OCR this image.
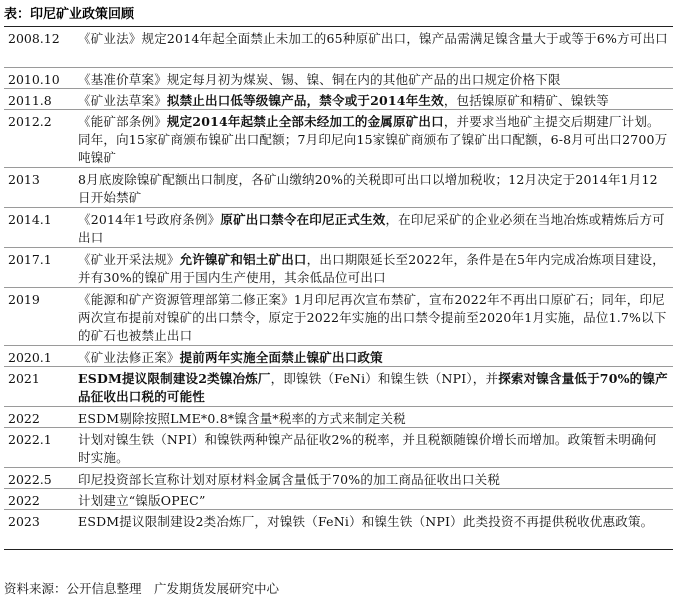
表：印尼矿业政策回顾
2008.12	《矿业法》规定2014年起全面禁止未加工的65种原矿出口，镍产品需满足镍含量大于或等于6%方可出口
2010.10	《基准价草案》规定每月初为煤炭、锡、镍、铜在内的其他矿产品的出口规定价格下限
2011.8	《矿业法草案》拟禁止出口低等级镍产品，禁令或于2014年生效，包括镍原矿和精矿、镍铁等
2012.2	《能矿部条例》规定2014年起禁止全部未经加工的金属原矿出口，并要求当地矿主提交后期建厂计划。同年，向15家矿商颁布镍矿出口配额；7月印尼向15家镍矿商颁布了镍矿出口配额，6-8月可出口2700万吨镍矿
2013	8月底废除镍矿配额出口制度，各矿山缴纳20%的关税即可出口以增加税收；12月决定于2014年1月12日开始禁矿
2014.1	《2014年1号政府条例》原矿出口禁令在印尼正式生效，在印尼采矿的企业必须在当地冶炼或精炼后方可出口
2017.1	《矿业开采法规》允许镍矿和铝土矿出口，出口期限延长至2022年，条件是在5年内完成冶炼项目建设，并有30%的镍矿用于国内生产使用，其余低品位可出口
2019	《能源和矿产资源管理部第二修正案》1月印尼再次宣布禁矿，宣布2022年不再出口原矿石；同年，印尼两次宣布提前对镍矿的出口禁令，原定于2022年实施的出口禁令提前至2020年1月实施，品位1.7%以下的矿石也被禁止出口
2020.1	《矿业法修正案》提前两年实施全面禁止镍矿出口政策
2021	ESDM提议限制建设2类镍冶炼厂，即镍铁（FeNi）和镍生铁（NPI），并探索对镍含量低于70%的镍产品征收出口税的可能性
2022	ESDM剔除按照LME*0.8*镍含量*税率的方式来制定关税
2022.1	计划对镍生铁（NPI）和镍铁两种镍产品征收2%的税率，并且税额随镍价增长而增加。政策暂未明确何时实施。
2022.5	印尼投资部长宣称计划对原材料金属含量低于70%的加工商品征收出口关税
2022	计划建立“镍版OPEC”
2023	ESDM提议限制建设2类冶炼厂，对镍铁（FeNi）和镍生铁（NPI）此类投资不再提供税收优惠政策。
资料来源：公开信息整理　广发期货发展研究中心
